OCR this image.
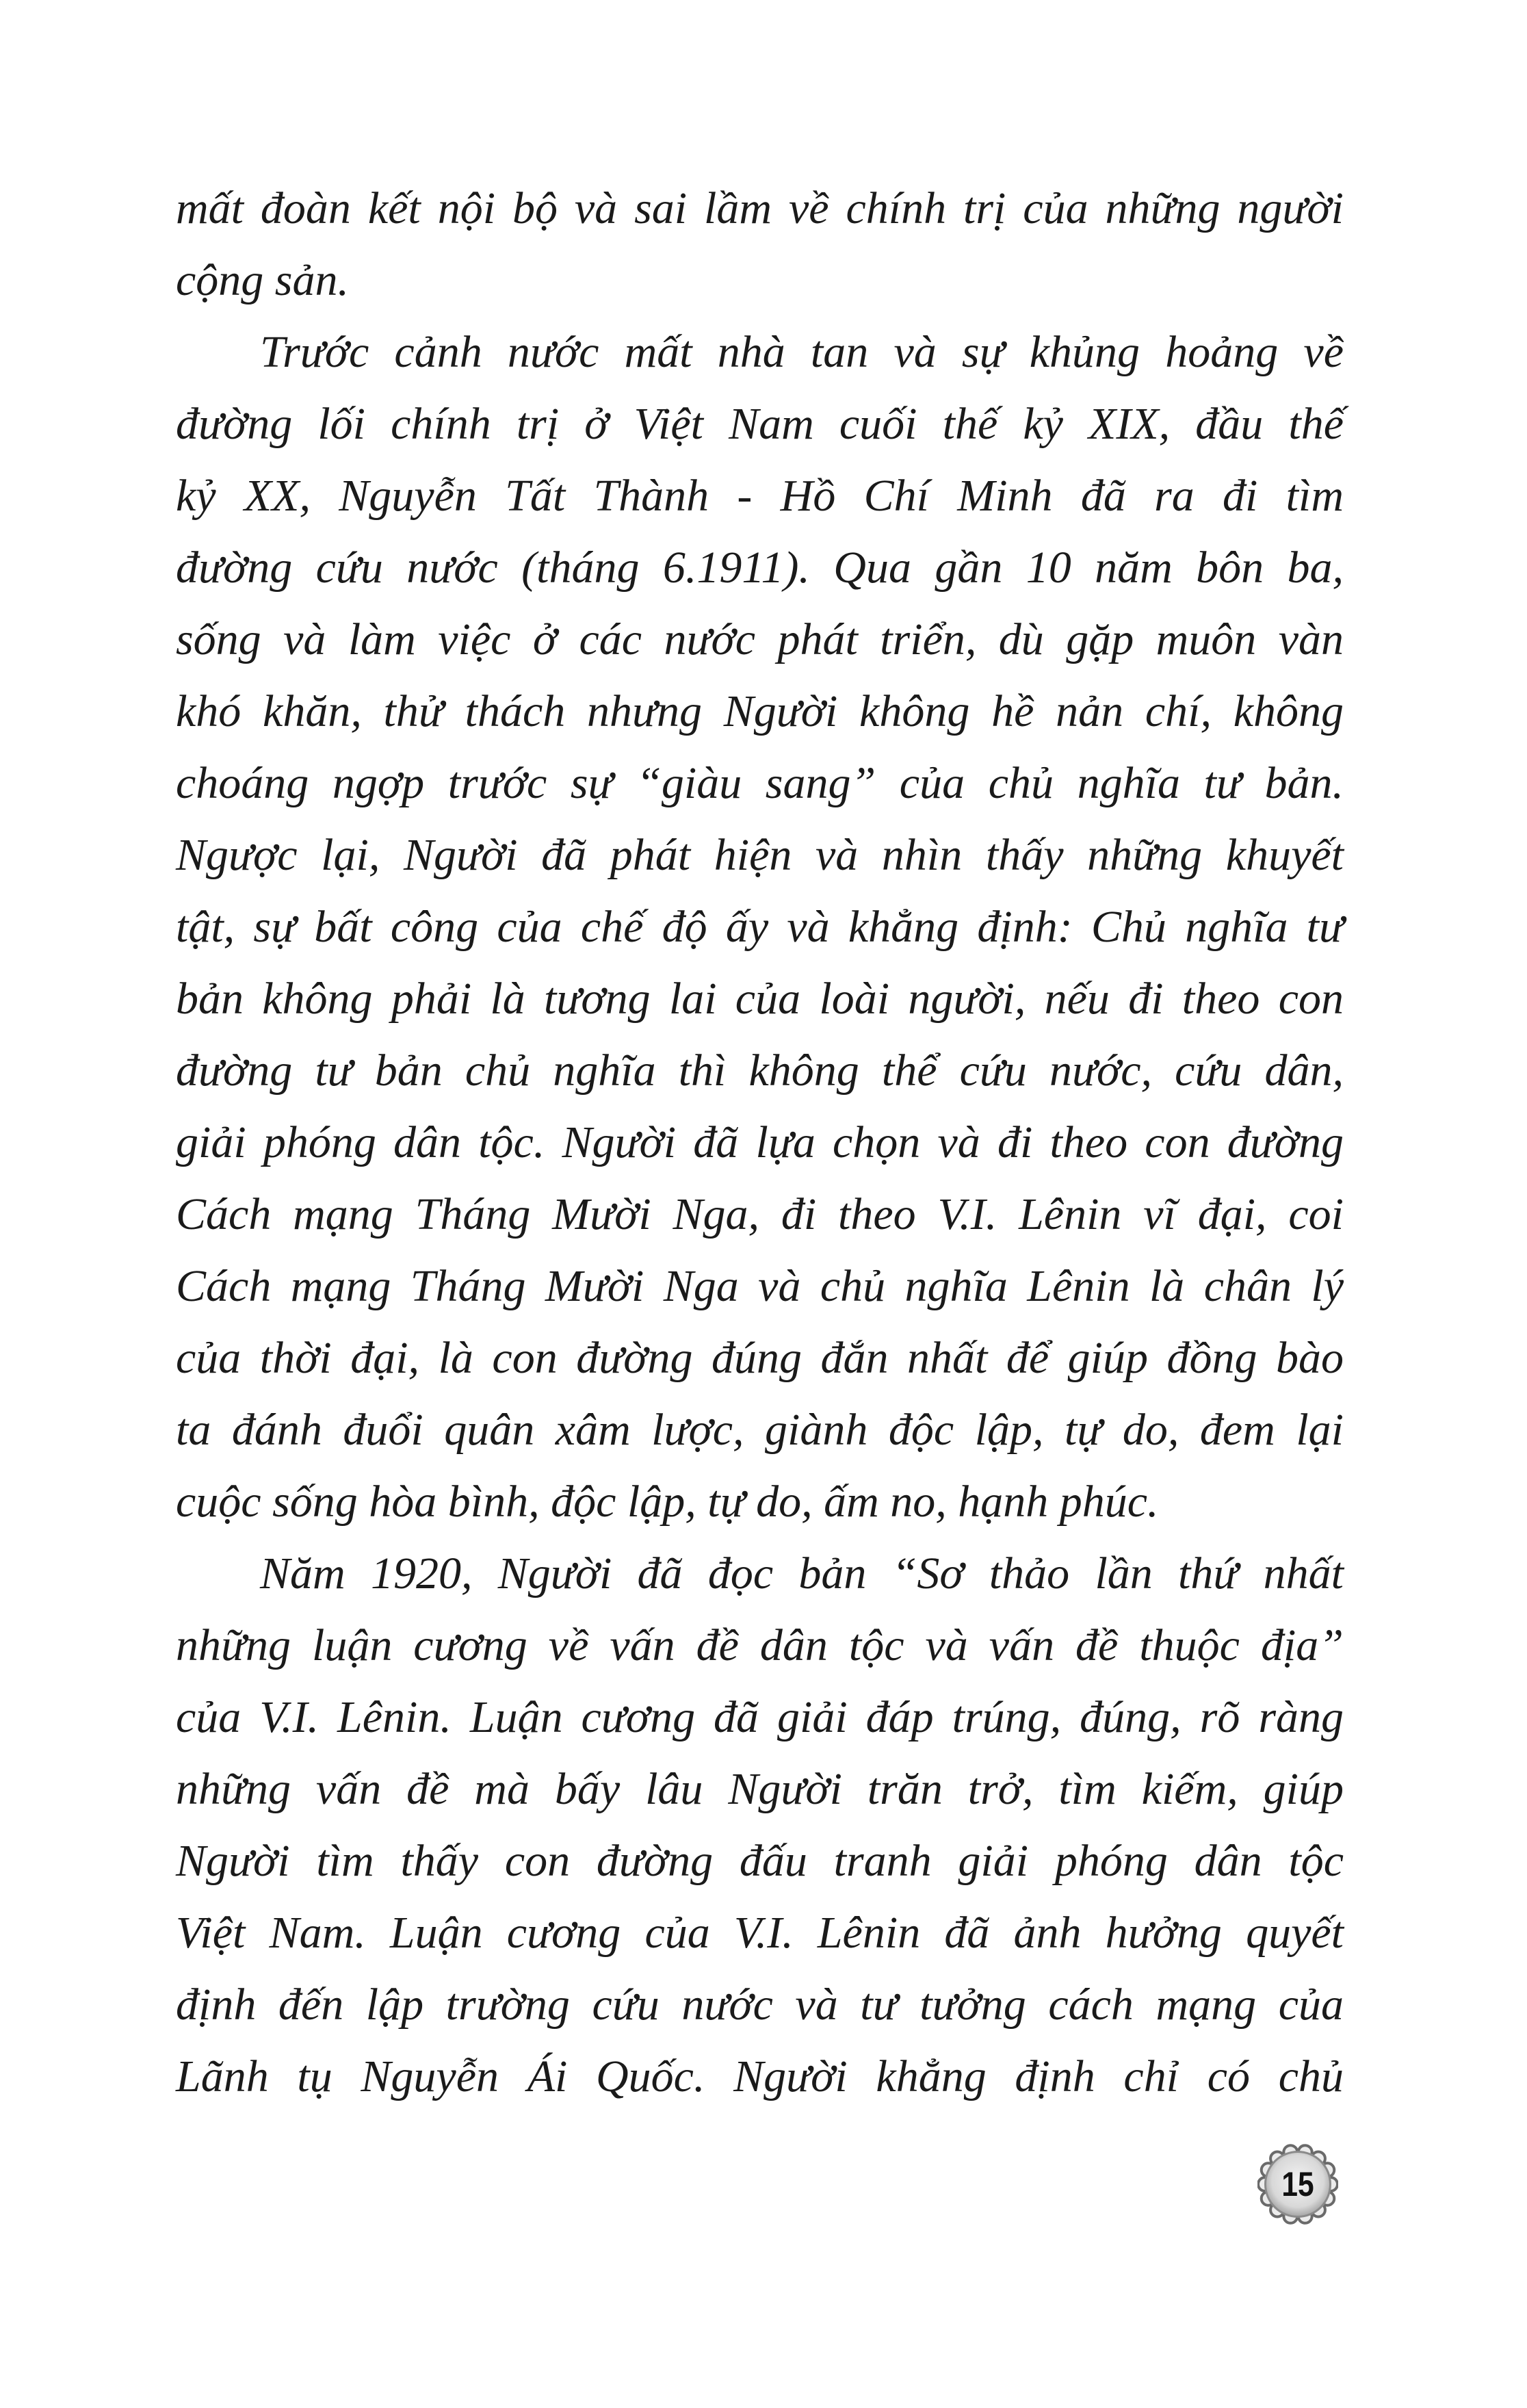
mất đoàn kết nội bộ và sai lầm về chính trị của những người
cộng sản.
Trước cảnh nước mất nhà tan và sự khủng hoảng về
đường lối chính trị ở Việt Nam cuối thế kỷ XIX, đầu thế
kỷ XX, Nguyễn Tất Thành - Hồ Chí Minh đã ra đi tìm
đường cứu nước (tháng 6.1911). Qua gần 10 năm bôn ba,
sống và làm việc ở các nước phát triển, dù gặp muôn vàn
khó khăn, thử thách nhưng Người không hề nản chí, không
choáng ngợp trước sự “giàu sang” của chủ nghĩa tư bản.
Ngược lại, Người đã phát hiện và nhìn thấy những khuyết
tật, sự bất công của chế độ ấy và khẳng định: Chủ nghĩa tư
bản không phải là tương lai của loài người, nếu đi theo con
đường tư bản chủ nghĩa thì không thể cứu nước, cứu dân,
giải phóng dân tộc. Người đã lựa chọn và đi theo con đường
Cách mạng Tháng Mười Nga, đi theo V.I. Lênin vĩ đại, coi
Cách mạng Tháng Mười Nga và chủ nghĩa Lênin là chân lý
của thời đại, là con đường đúng đắn nhất để giúp đồng bào
ta đánh đuổi quân xâm lược, giành độc lập, tự do, đem lại
cuộc sống hòa bình, độc lập, tự do, ấm no, hạnh phúc.
Năm 1920, Người đã đọc bản “Sơ thảo lần thứ nhất
những luận cương về vấn đề dân tộc và vấn đề thuộc địa”
của V.I. Lênin. Luận cương đã giải đáp trúng, đúng, rõ ràng
những vấn đề mà bấy lâu Người trăn trở, tìm kiếm, giúp
Người tìm thấy con đường đấu tranh giải phóng dân tộc
Việt Nam. Luận cương của V.I. Lênin đã ảnh hưởng quyết
định đến lập trường cứu nước và tư tưởng cách mạng của
Lãnh tụ Nguyễn Ái Quốc. Người khẳng định chỉ có chủ
15
